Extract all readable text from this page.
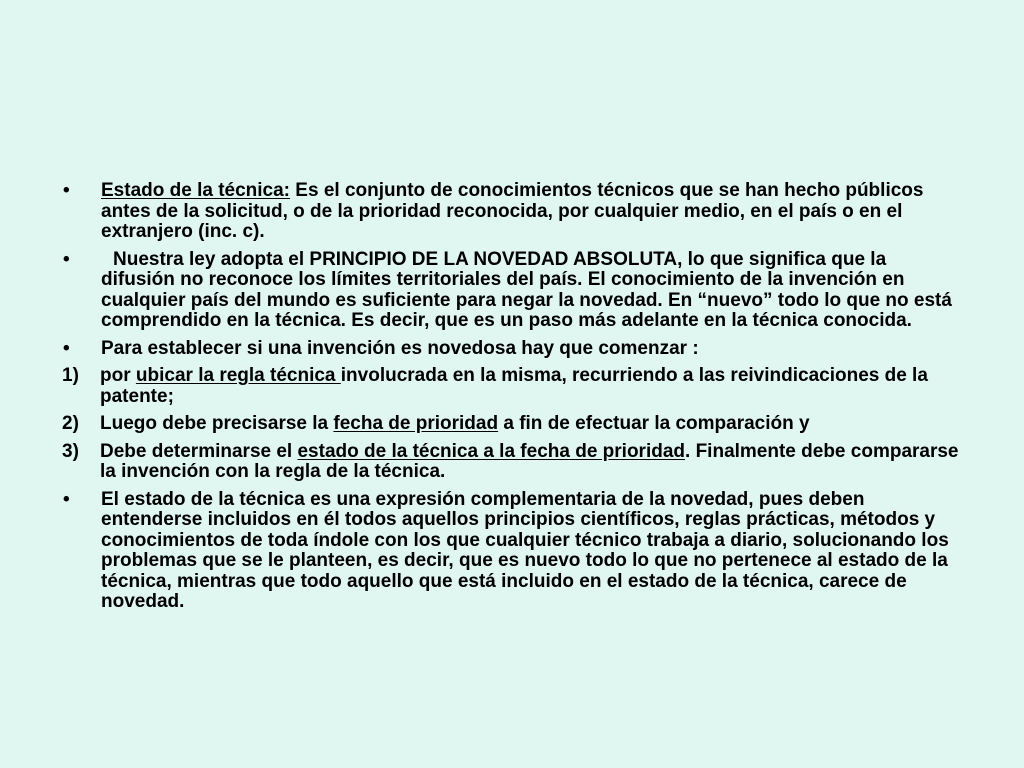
•	Estado de la técnica: Es el conjunto de conocimientos técnicos que se han hecho públicos antes de la solicitud, o de la prioridad reconocida, por cualquier medio, en el país o en el extranjero (inc. c).
•	Nuestra ley adopta el PRINCIPIO DE LA NOVEDAD ABSOLUTA, lo que significa que la difusión no reconoce los límites territoriales del país. El conocimiento de la invención en cualquier país del mundo es suficiente para negar la novedad. En “nuevo” todo lo que no está comprendido en la técnica. Es decir, que es un paso más adelante en la técnica conocida.
•	Para establecer si una invención es novedosa hay que comenzar :
1)	por ubicar la regla técnica involucrada en la misma, recurriendo a las reivindicaciones de la patente;
2)	Luego debe precisarse la fecha de prioridad a fin de efectuar la comparación y
3)	Debe determinarse el estado de la técnica a la fecha de prioridad. Finalmente debe compararse la invención con la regla de la técnica.
•	El estado de la técnica es una expresión complementaria de la novedad, pues deben entenderse incluidos en él todos aquellos principios científicos, reglas prácticas, métodos y conocimientos de toda índole con los que cualquier técnico trabaja a diario, solucionando los problemas que se le planteen, es decir, que es nuevo todo lo que no pertenece al estado de la técnica, mientras que todo aquello que está incluido en el estado de la técnica, carece de novedad.
